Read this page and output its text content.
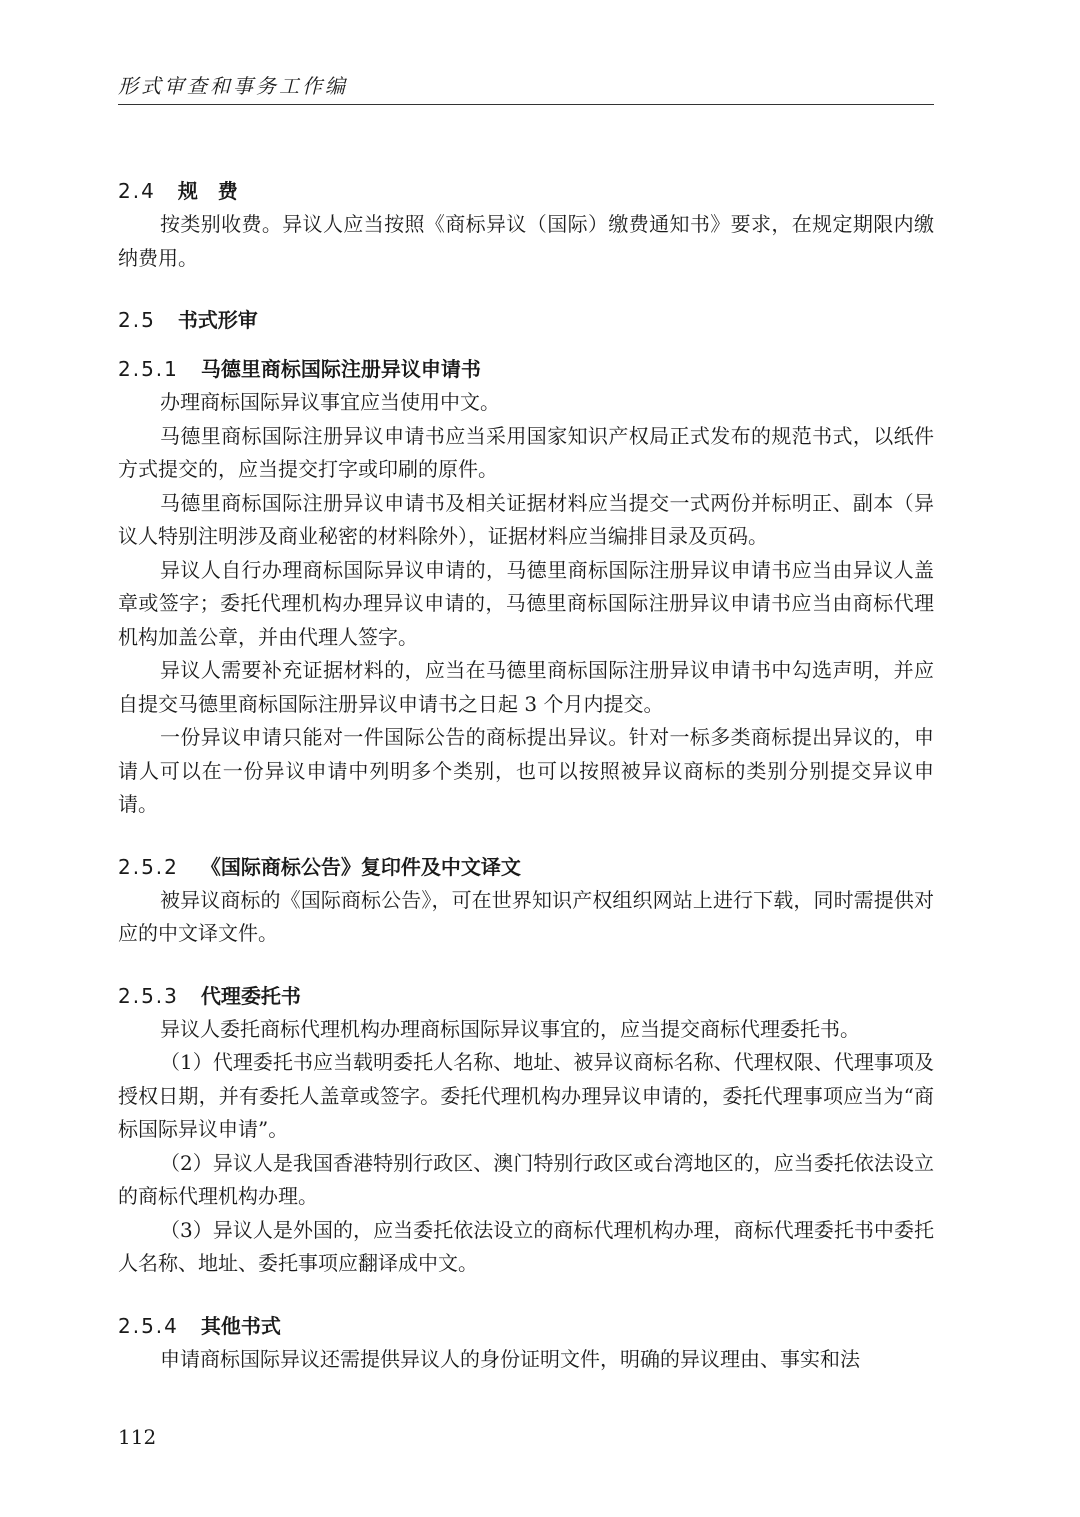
形式审查和事务工作编
2.4 规　费

按类别收费。异议人应当按照《商标异议（国际）缴费通知书》要求，在规定期限内缴纳费用。

2.5 书式形审
2.5.1 马德里商标国际注册异议申请书

办理商标国际异议事宜应当使用中文。

马德里商标国际注册异议申请书应当采用国家知识产权局正式发布的规范书式，以纸件方式提交的，应当提交打字或印刷的原件。

马德里商标国际注册异议申请书及相关证据材料应当提交一式两份并标明正、副本（异议人特别注明涉及商业秘密的材料除外），证据材料应当编排目录及页码。

异议人自行办理商标国际异议申请的，马德里商标国际注册异议申请书应当由异议人盖章或签字；委托代理机构办理异议申请的，马德里商标国际注册异议申请书应当由商标代理机构加盖公章，并由代理人签字。

异议人需要补充证据材料的，应当在马德里商标国际注册异议申请书中勾选声明，并应自提交马德里商标国际注册异议申请书之日起 3 个月内提交。

一份异议申请只能对一件国际公告的商标提出异议。针对一标多类商标提出异议的，申请人可以在一份异议申请中列明多个类别，也可以按照被异议商标的类别分别提交异议申请。

2.5.2 《国际商标公告》复印件及中文译文

被异议商标的《国际商标公告》，可在世界知识产权组织网站上进行下载，同时需提供对应的中文译文件。

2.5.3 代理委托书

异议人委托商标代理机构办理商标国际异议事宜的，应当提交商标代理委托书。

（1）代理委托书应当载明委托人名称、地址、被异议商标名称、代理权限、代理事项及授权日期，并有委托人盖章或签字。委托代理机构办理异议申请的，委托代理事项应当为“商标国际异议申请”。

（2）异议人是我国香港特别行政区、澳门特别行政区或台湾地区的，应当委托依法设立的商标代理机构办理。

（3）异议人是外国的，应当委托依法设立的商标代理机构办理，商标代理委托书中委托人名称、地址、委托事项应翻译成中文。

2.5.4 其他书式

申请商标国际异议还需提供异议人的身份证明文件，明确的异议理由、事实和法

112
